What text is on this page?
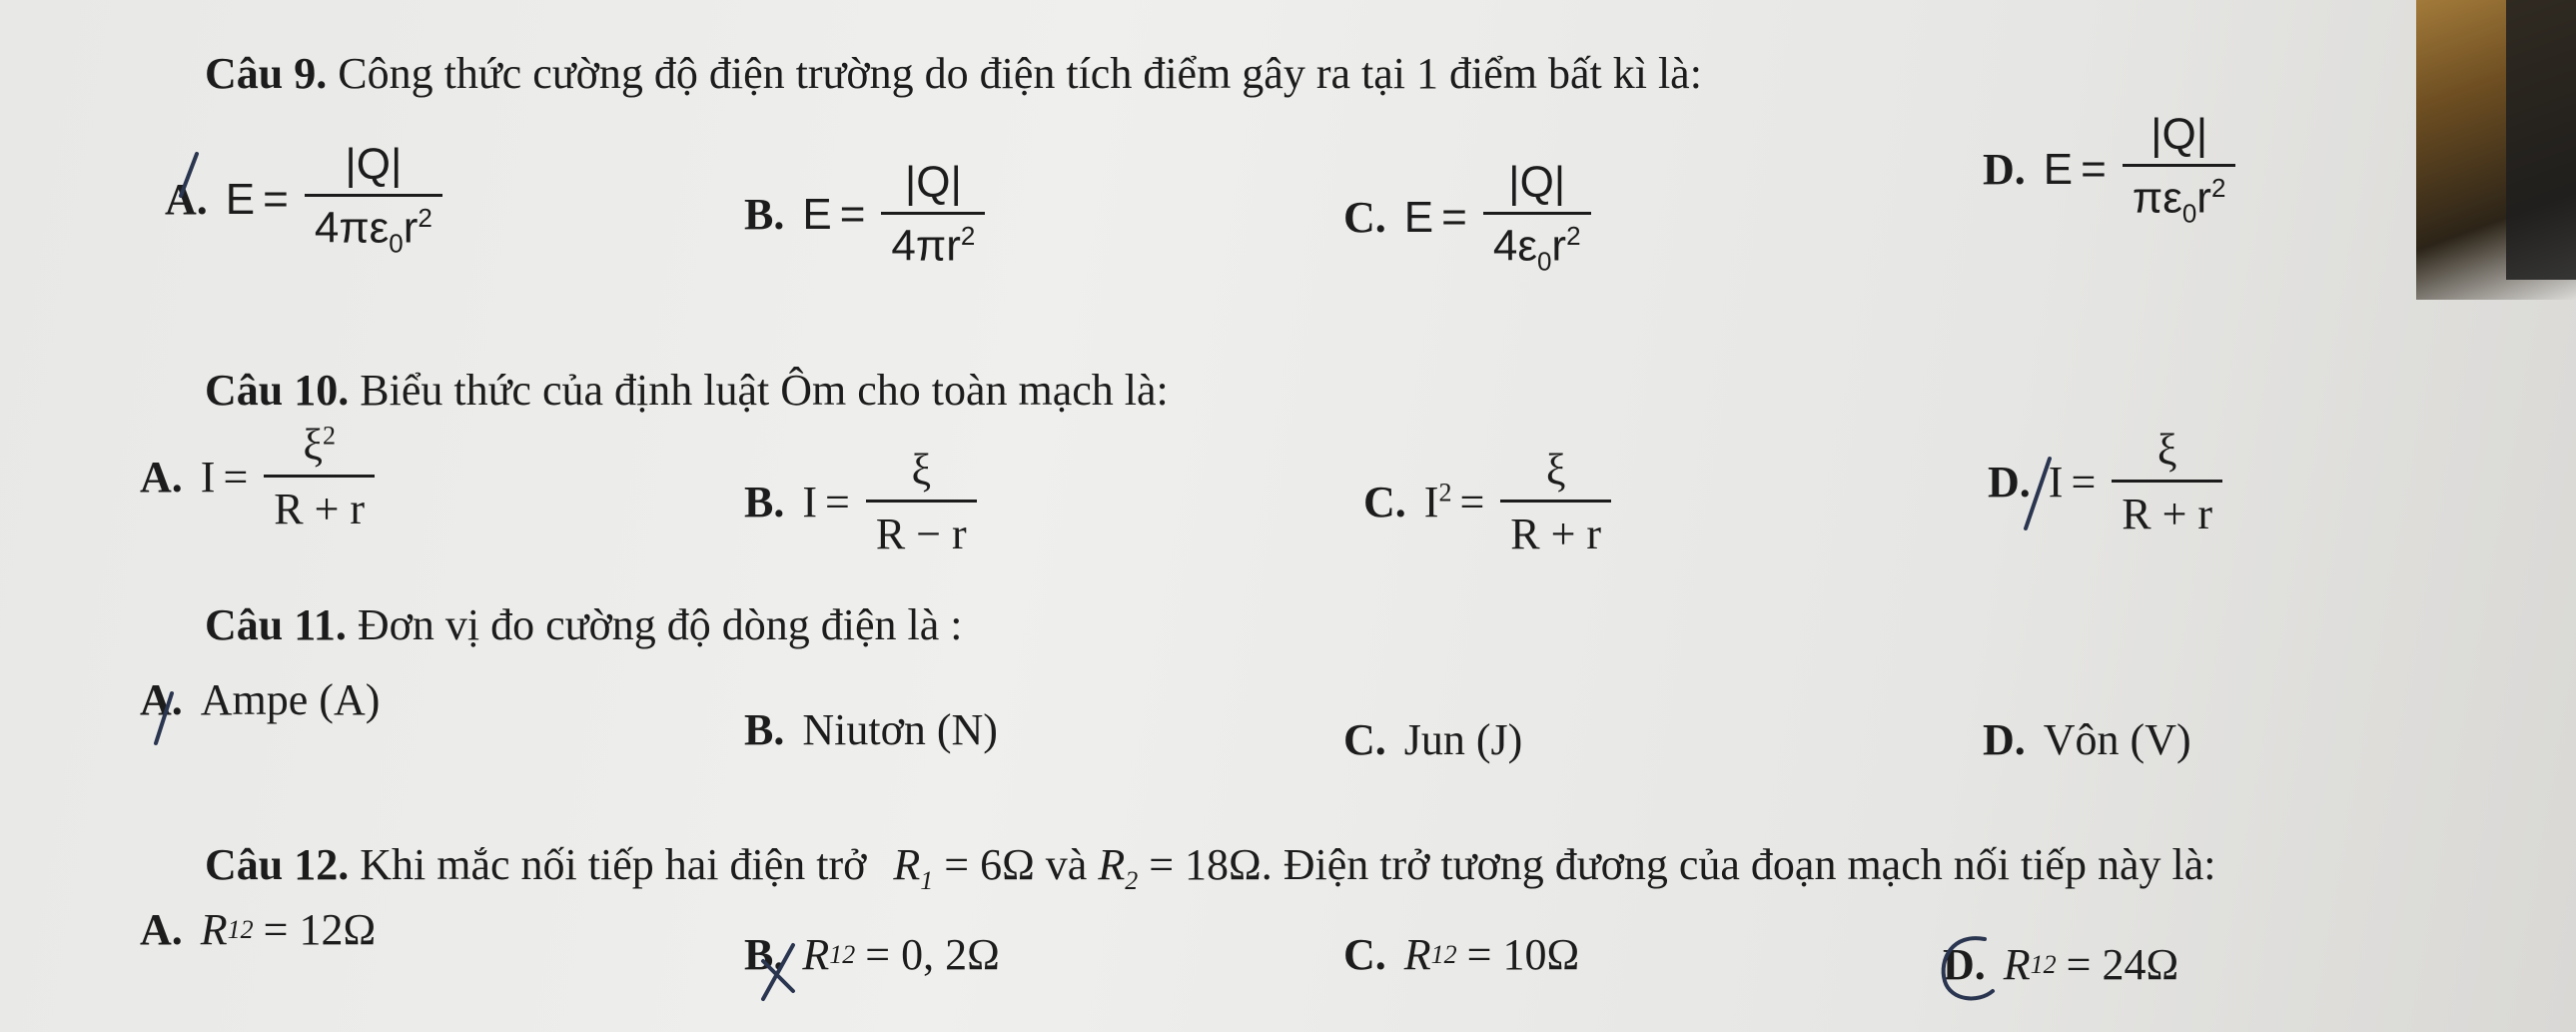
Câu 9. Công thức cường độ điện trường do điện tích điểm gây ra tại 1 điểm bất kì là:
A. $E = \frac{|Q|}{4\pi\varepsilon_0r^2}$	B. $E = \frac{|Q|}{4\pi r^2}$	C. $E = \frac{|Q|}{4\varepsilon_0r^2}$	D. $E = \frac{|Q|}{\pi\varepsilon_0r^2}$
Câu 10. Biểu thức của định luật Ôm cho toàn mạch là:
A. $I = \frac{\xi^2}{R + r}$	B. $I = \frac{\xi}{R - r}$	C. $I^2 = \frac{\xi}{R + r}$	D. $I = \frac{\xi}{R + r}$
Câu 11. Đơn vị đo cường độ dòng điện là :
A. Ampe (A)
B. Niutơn (N)	C. Jun (J)	D. Vôn (V)
Câu 12. Khi mắc nối tiếp hai điện trở $R_1 = 6\Omega$ và $R_2 = 18\Omega$. Điện trở tương đương của đoạn mạch nối tiếp này là:
A. R 12 = 12Ω
B. R 12 = 0, 2Ω	C. R 12 = 10Ω	D. R 12 = 24Ω
